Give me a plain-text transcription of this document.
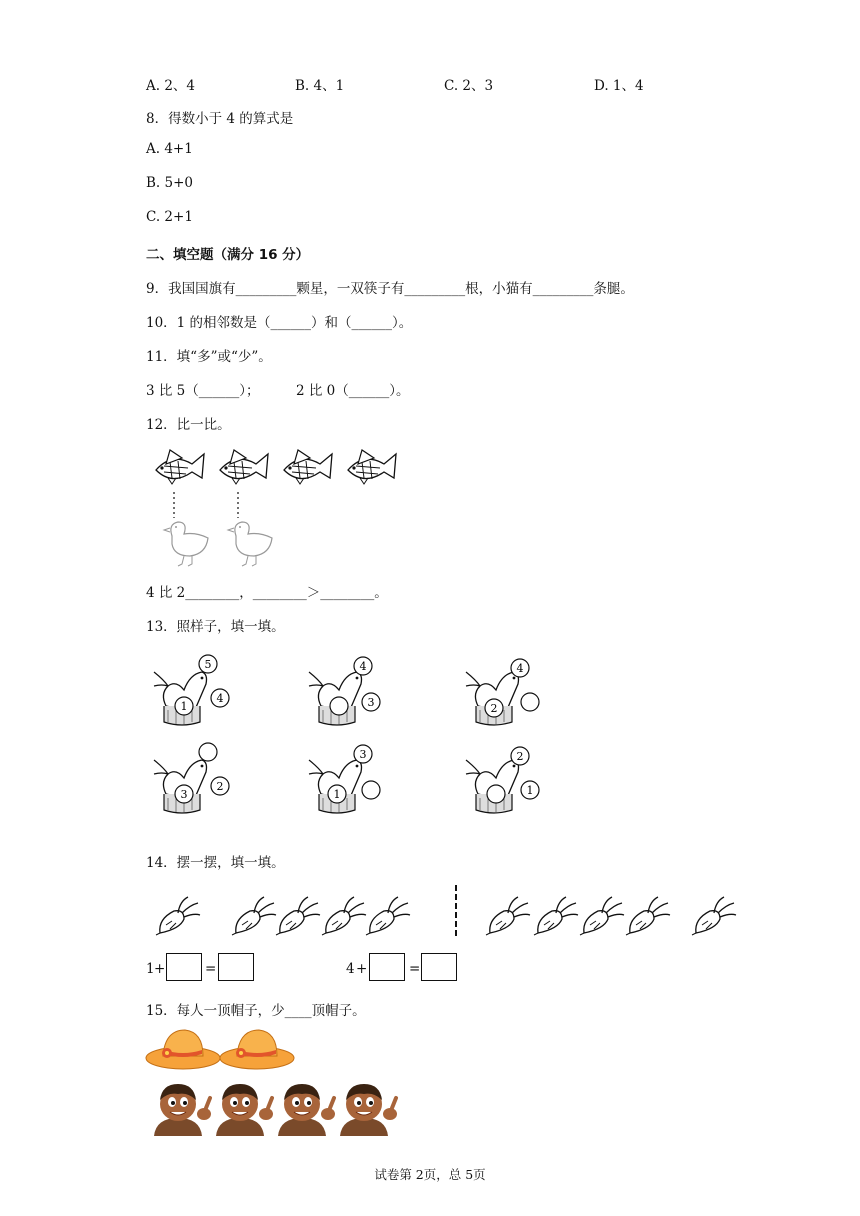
A. 2、4	B. 4、1	C. 2、3	D. 1、4
8．得数小于 4 的算式是
A. 4+1
B. 5+0
C. 2+1
二、填空题（满分 16 分）
9．我国国旗有_________颗星，一双筷子有_________根，小猫有_________条腿。
10．1 的相邻数是（______）和（______）。
11．填“多”或“少”。
3 比 5（______）；	2 比 0（______）。
12．比一比。
4 比 2________，________＞________。
13．照样子，填一填。
5
1
4
4
3
4
2
3
2
3
1
2
1
14．摆一摆，填一填。
1 +	=	4 +	=
15．每人一顶帽子，少____顶帽子。
试卷第 2页，总 5页
